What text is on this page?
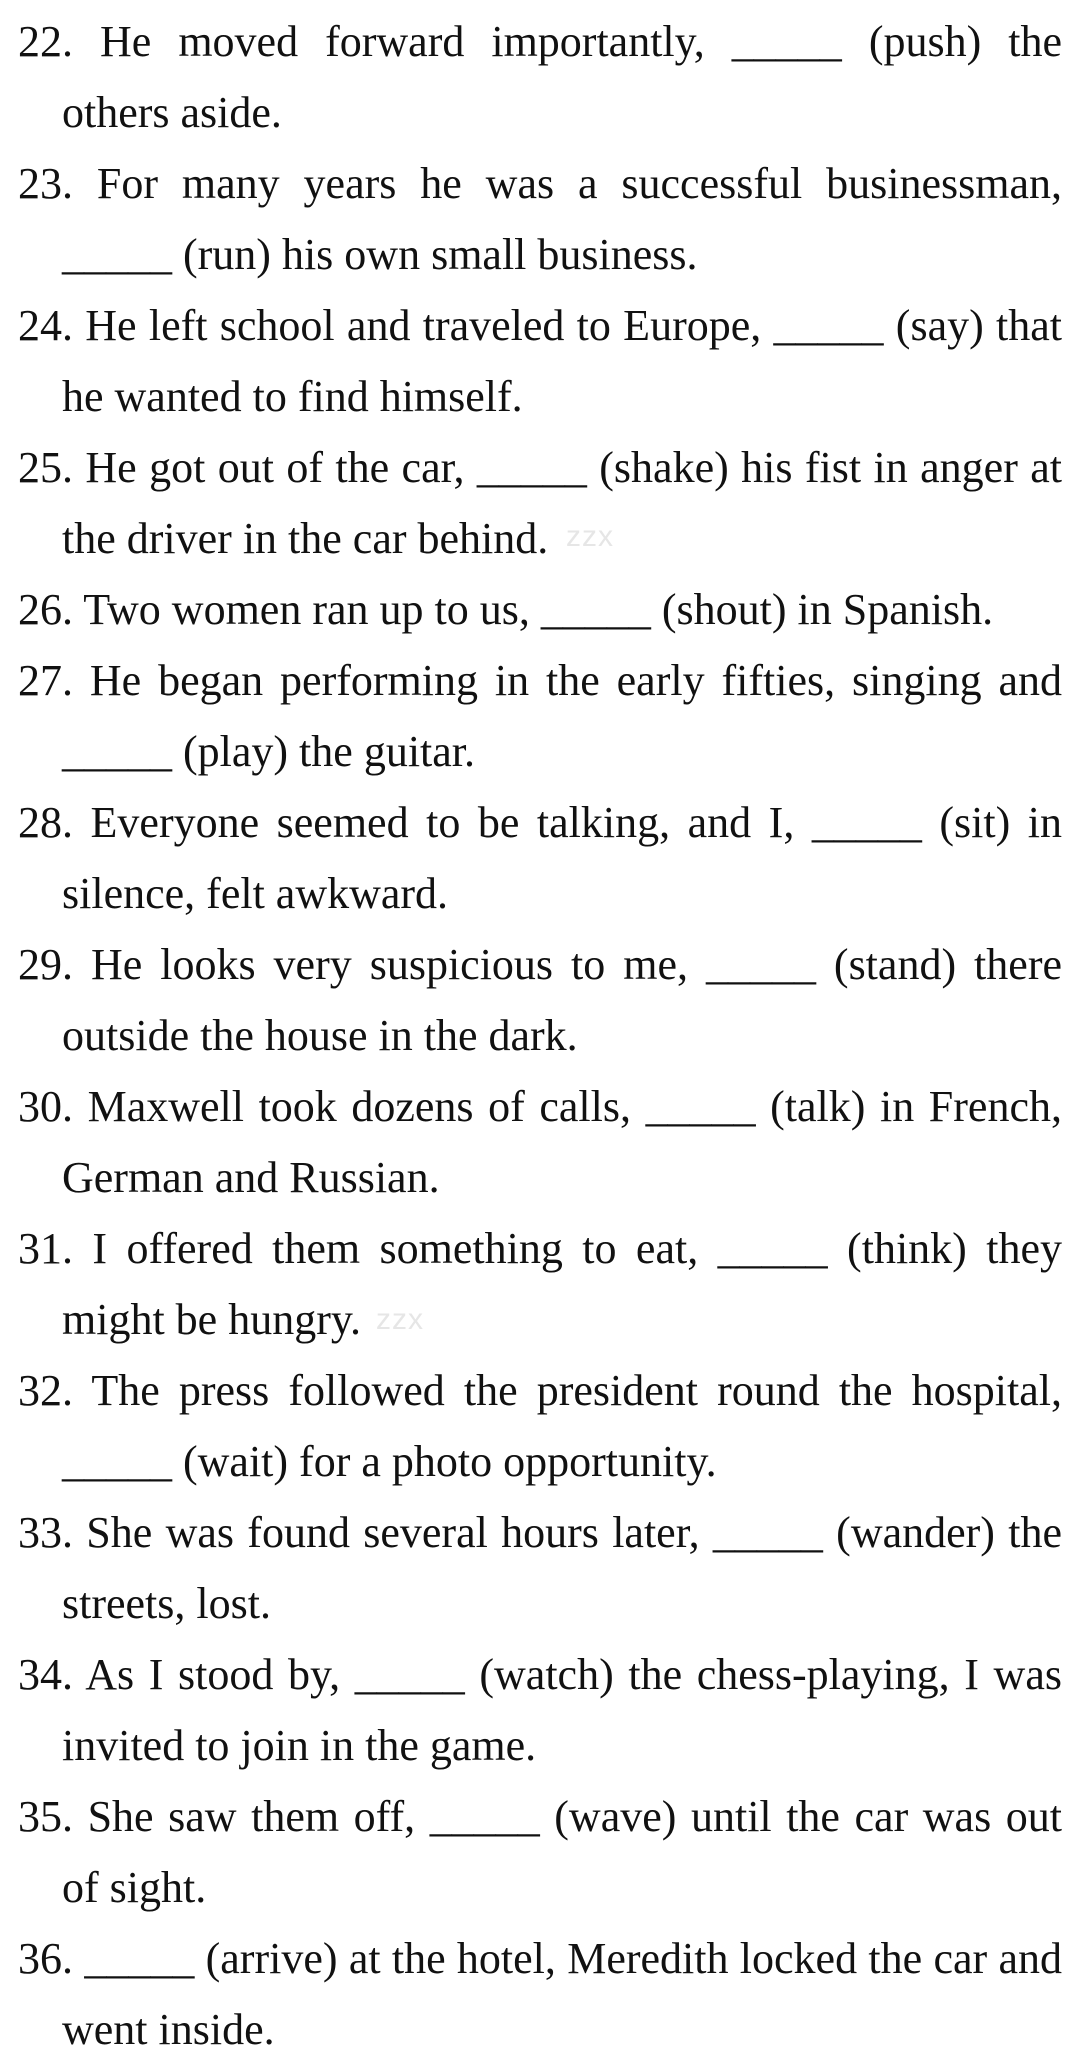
22. He moved forward importantly, _____ (push) the others aside.
23. For many years he was a successful businessman, _____ (run) his own small business.
24. He left school and traveled to Europe, _____ (say) that he wanted to find himself.
25. He got out of the car, _____ (shake) his fist in anger at the driver in the car behind.
26. Two women ran up to us, _____ (shout) in Spanish.
27. He began performing in the early fifties, singing and _____ (play) the guitar.
28. Everyone seemed to be talking, and I, _____ (sit) in silence, felt awkward.
29. He looks very suspicious to me, _____ (stand) there outside the house in the dark.
30. Maxwell took dozens of calls, _____ (talk) in French, German and Russian.
31. I offered them something to eat, _____ (think) they might be hungry.
32. The press followed the president round the hospital, _____ (wait) for a photo opportunity.
33. She was found several hours later, _____ (wander) the streets, lost.
34. As I stood by, _____ (watch) the chess-playing, I was invited to join in the game.
35. She saw them off, _____ (wave) until the car was out of sight.
36. _____ (arrive) at the hotel, Meredith locked the car and went inside.
zzx
zzx
